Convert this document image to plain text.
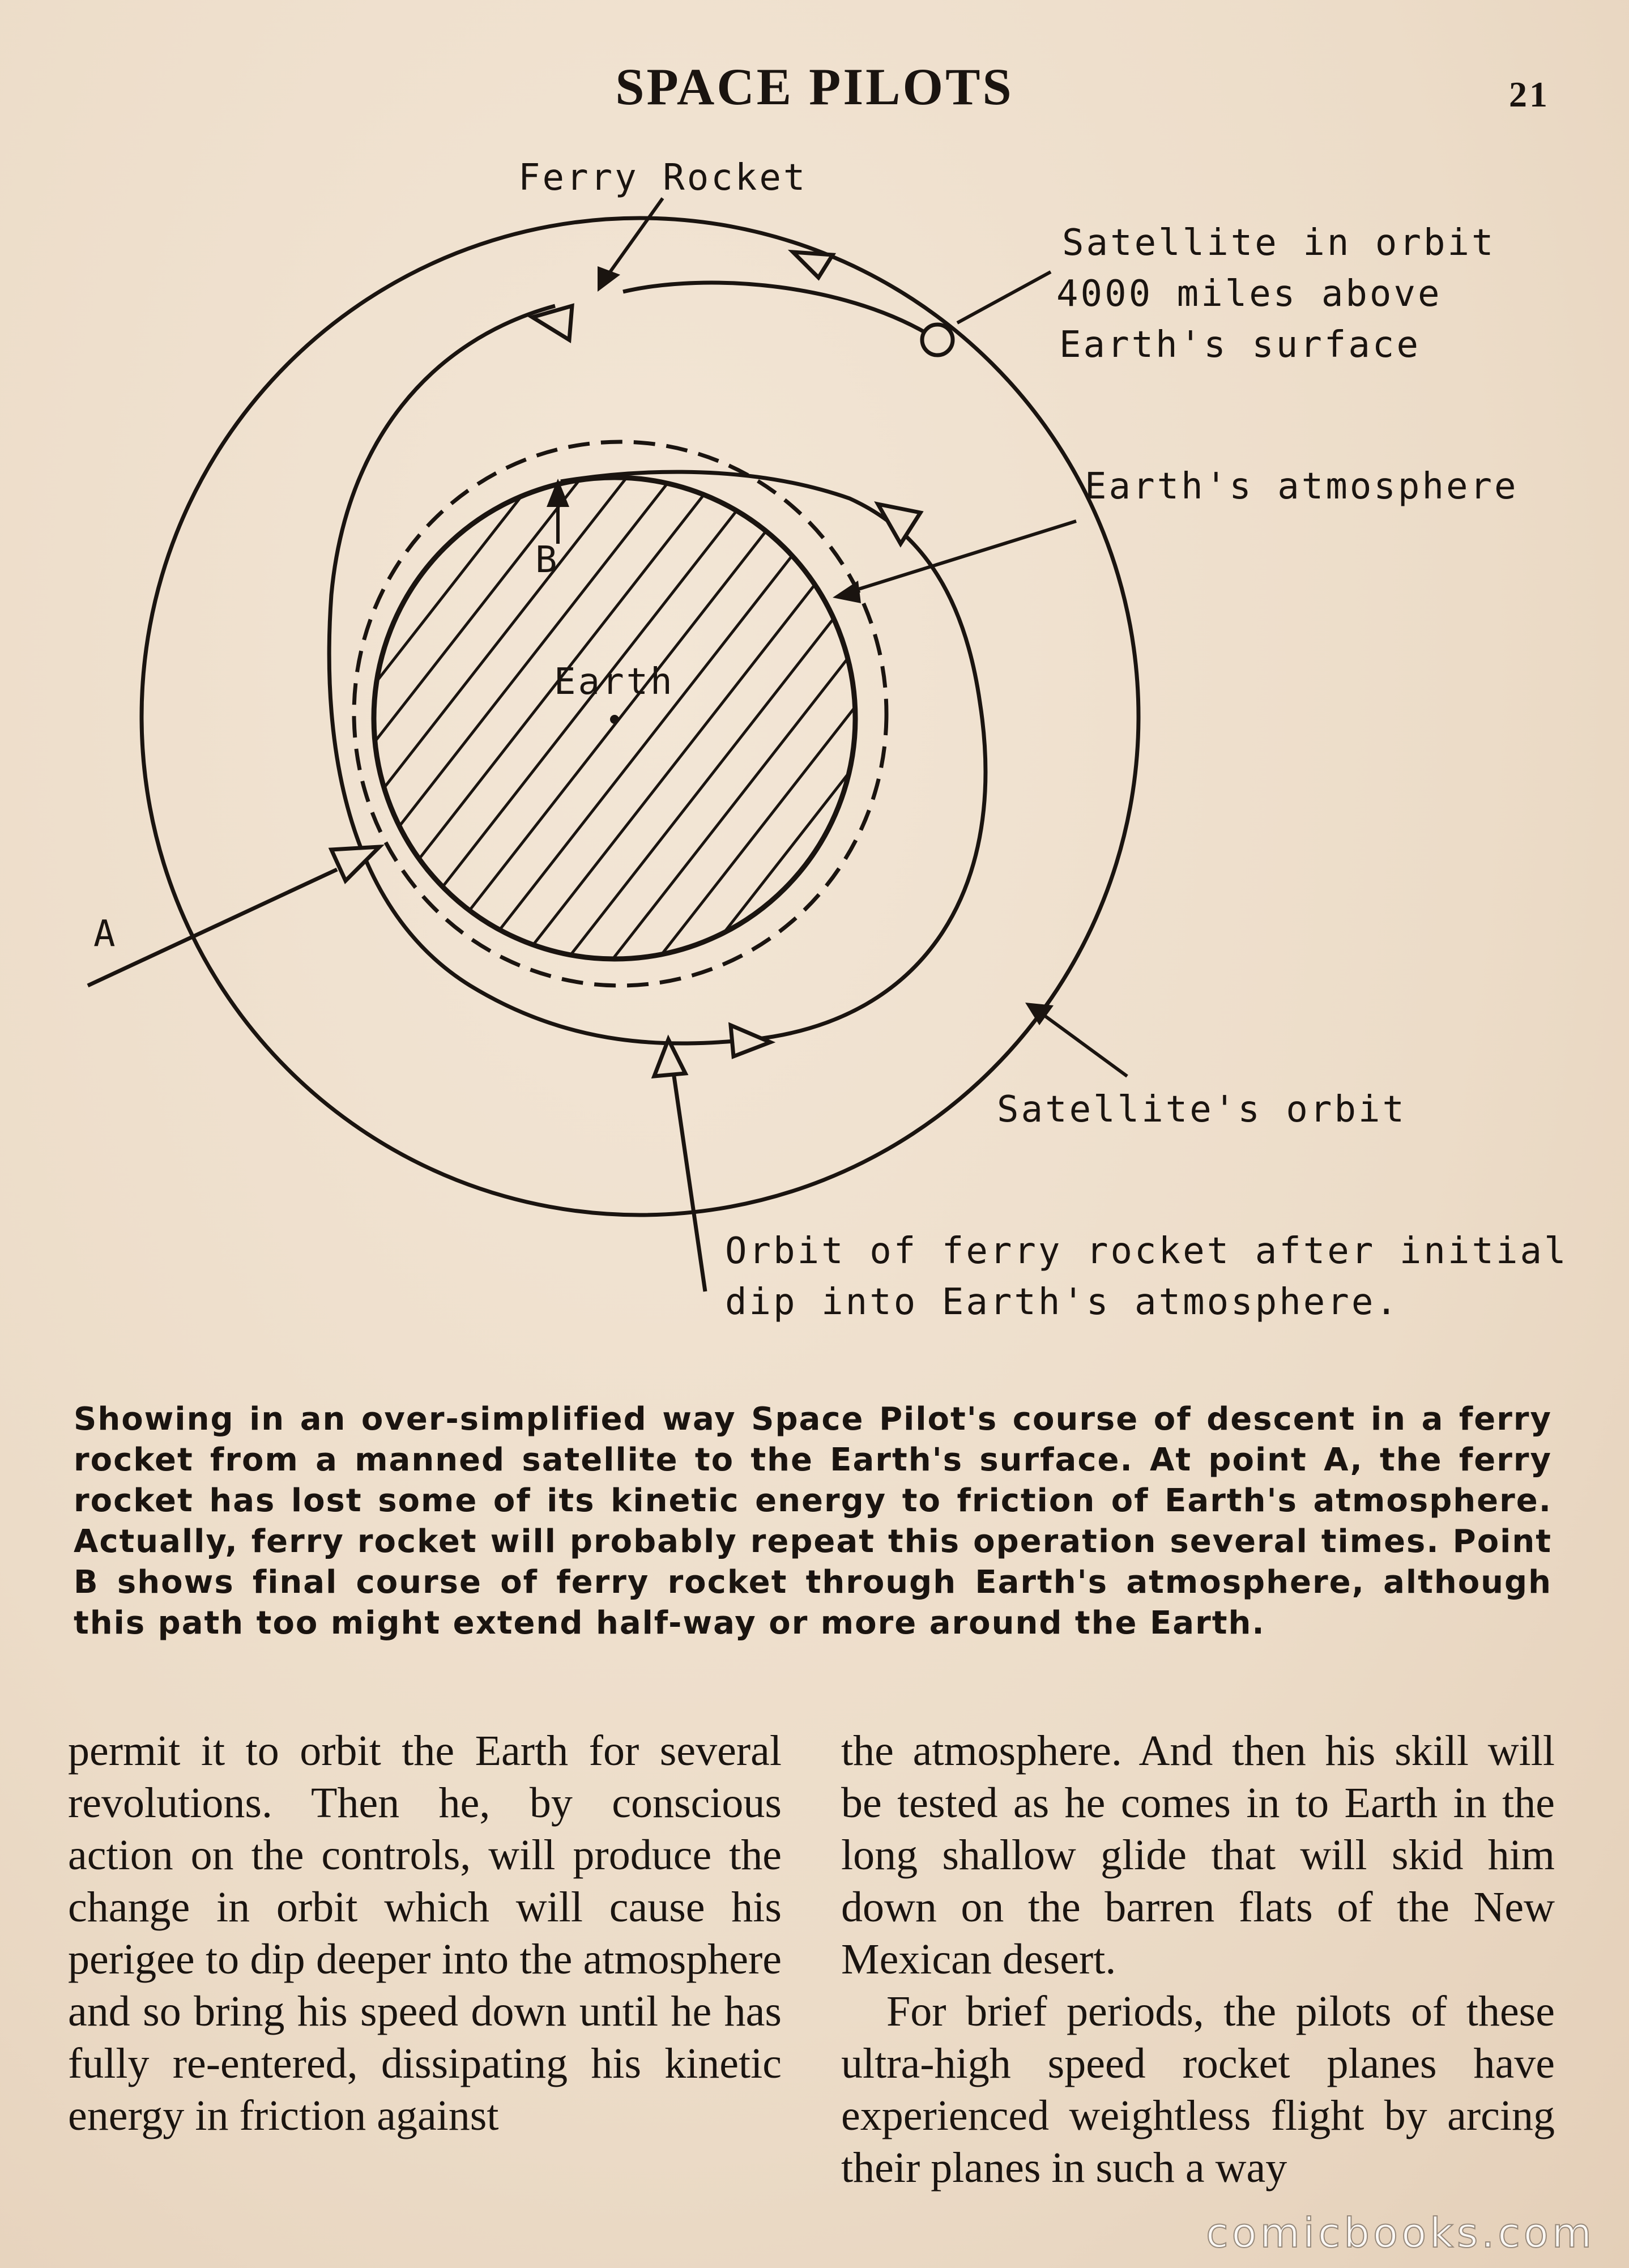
SPACE PILOTS	21
Ferry Rocket
Satellite in orbit
4000 miles above
Earth's surface
Earth's atmosphere
B
Earth
A
Satellite's orbit
Orbit of ferry rocket after initial
dip into Earth's atmosphere.

Showing in an over-simplified way Space Pilot's course of descent in a ferry rocket from a manned satellite to the Earth's surface. At point A, the ferry rocket has lost some of its kinetic energy to friction of Earth's atmosphere. Actually, ferry rocket will probably repeat this operation several times. Point B shows final course of ferry rocket through Earth's atmosphere, although this path too might extend half-way or more around the Earth.

permit it to orbit the Earth for several revolutions. Then he, by conscious action on the controls, will produce the change in orbit which will cause his perigee to dip deeper into the atmosphere and so bring his speed down until he has fully re-entered, dissipating his kinetic energy in friction against

the atmosphere. And then his skill will be tested as he comes in to Earth in the long shallow glide that will skid him down on the barren flats of the New Mexican desert.

For brief periods, the pilots of these ultra-high speed rocket planes have experienced weightless flight by arcing their planes in such a way

comicbooks.com
